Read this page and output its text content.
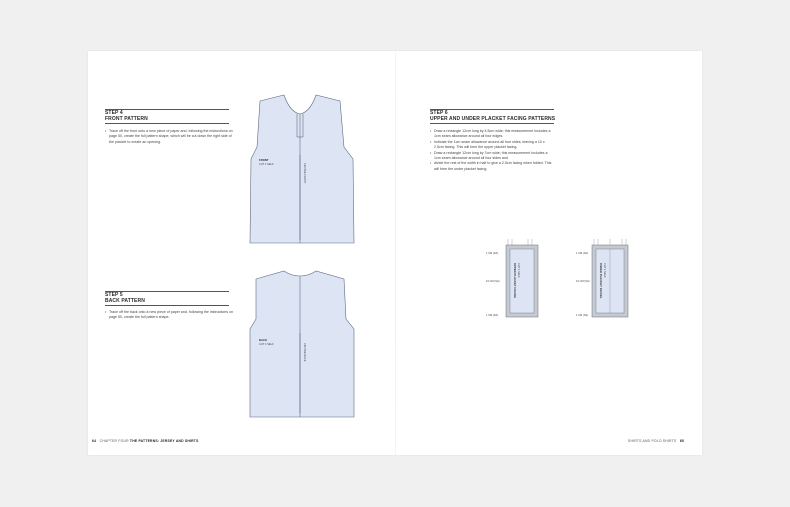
STEP 4
FRONT PATTERN
• Trace off the front onto a new piece of paper and, following the instructions on page 50, create the full pattern shape, which will be cut down the right side of the placket to create an opening.
STEP 5
BACK PATTERN
• Trace off the back onto a new piece of paper and, following the instructions on page 50, create the full pattern shape.
FRONT
CUT 1 SELF	CENTRE FRONT
BACK
CUT 1 SELF	CENTRE BACK
64 CHAPTER FOUR THE PATTERNS: JERSEY AND SHIRTS
STEP 6
UPPER AND UNDER PLACKET FACING PATTERNS
• Draw a rectangle 12cm long by 4.5cm wide; this measurement includes a 1cm seam allowance around all four edges.
• Indicate the 1cm seam allowance around all four sides, leaving a 10 x 2.5cm facing. This will form the upper placket facing.
• Draw a rectangle 12cm long by 7cm wide; this measurement includes a 1cm seam allowance around all four sides and
• divide the rest of the width in half to give a 2.5cm facing when folded. This will form the under placket facing.
1 CM (SA)
10 CM (SA)
1 CM (SA)
UPPER PLACKET FACING CUT 1 SELF
1 CM (SA)
10 CM (SA)
1 CM (SA)
UNDER PLACKET FACING CUT 1 SELF
SHIRTS AND POLO SHIRTS 65
